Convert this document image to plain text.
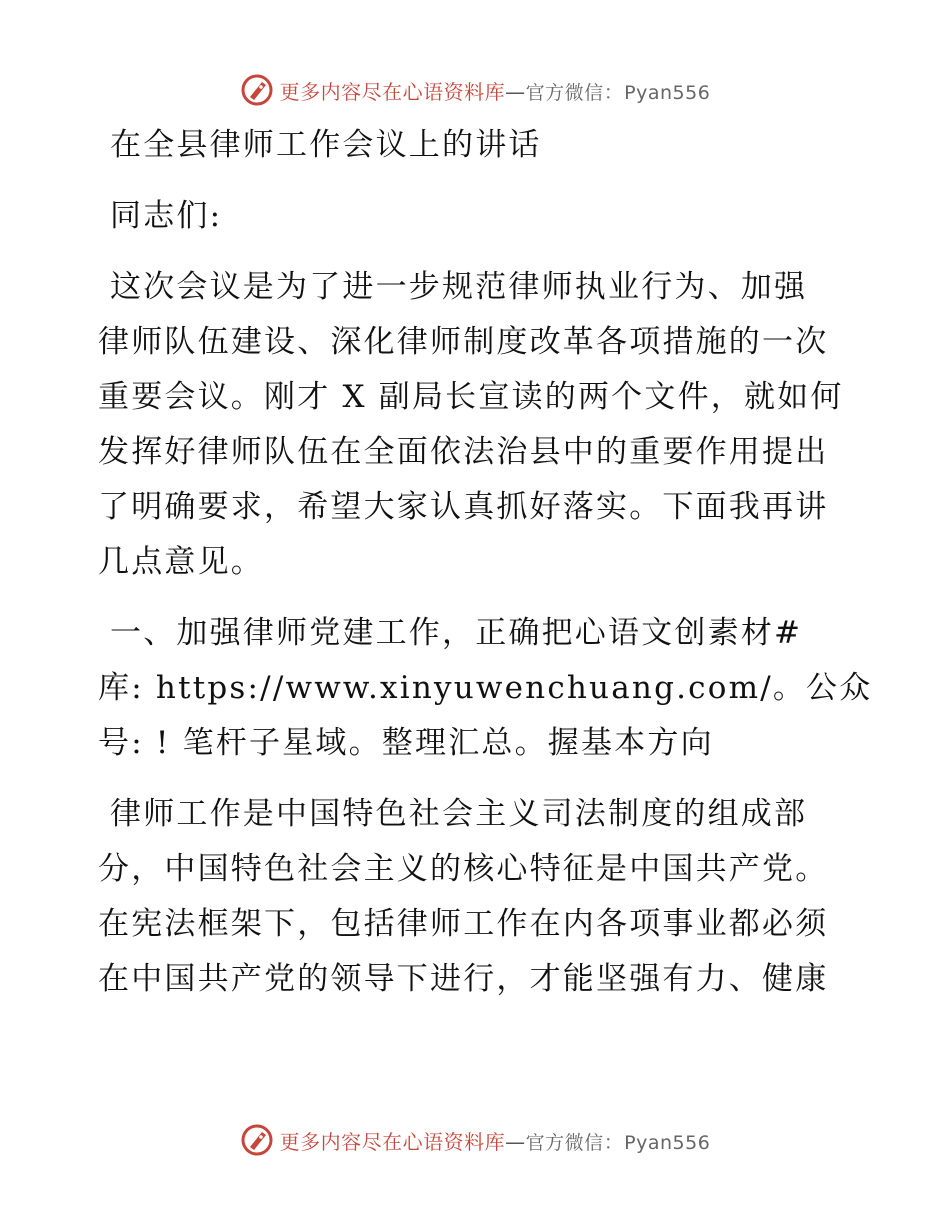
更多内容尽在心语资料库—官方微信：Pyan556

在全县律师工作会议上的讲话

同志们:

这次会议是为了进一步规范律师执业行为、加强
律师队伍建设、深化律师制度改革各项措施的一次
重要会议。刚才 X 副局长宣读的两个文件，就如何
发挥好律师队伍在全面依法治县中的重要作用提出
了明确要求，希望大家认真抓好落实。下面我再讲
几点意见。

一、加强律师党建工作，正确把心语文创素材#
库: https://www.xinyuwenchuang.com/。公众
号: ! 笔杆子星域。整理汇总。握基本方向

律师工作是中国特色社会主义司法制度的组成部
分，中国特色社会主义的核心特征是中国共产党。
在宪法框架下，包括律师工作在内各项事业都必须
在中国共产党的领导下进行，才能坚强有力、健康

更多内容尽在心语资料库—官方微信：Pyan556
